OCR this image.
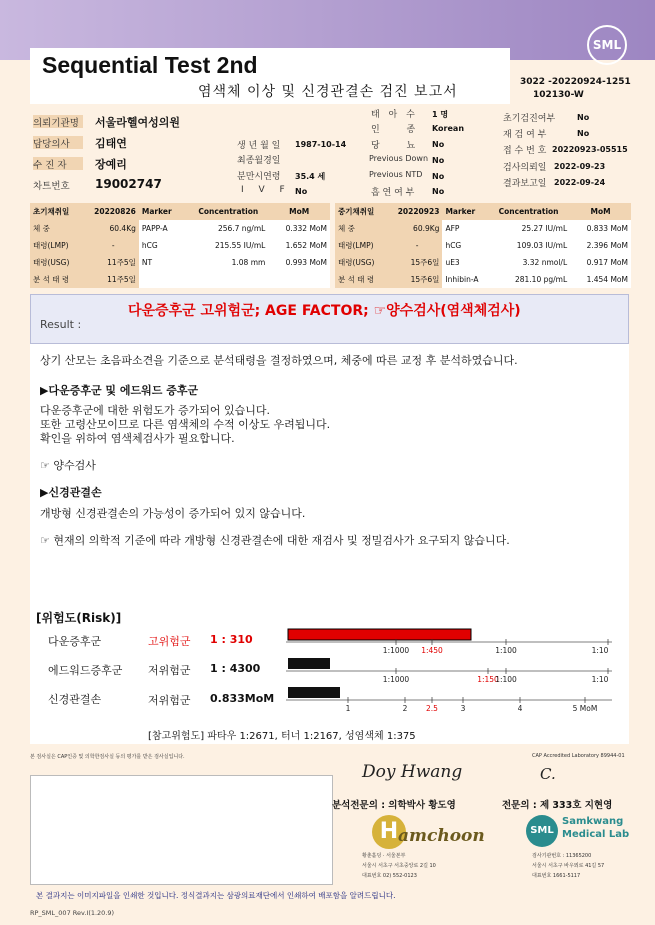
SML
Sequential Test 2nd
염색체 이상 및 신경관결손 검진 보고서
3022 -20220924-1251
102130-W
의뢰기관명	서울라헬여성의원
담당의사	김태연
수 진 자	장예리
차트번호 19002747
생 년 월 일 1987-10-14
최종월경일
분만시연령 35.4 세
I V F No
태 아 수 1 명
인 종 Korean
당 뇨 No
Previous Down No
Previous NTD No
흡 연 여 부 No
초기검진여부	No
재 검 여 부	No
접 수 번 호 20220923-05515
검사의뢰일 2022-09-23
결과보고일 2022-09-24
초기채취일	20220826	Marker	Concentration	MoM
체 중	60.4Kg	PAPP-A	256.7 ng/mL	0.332 MoM
태령(LMP)	-	hCG	215.55 IU/mL	1.652 MoM
태령(USG)	11주5일	NT	1.08 mm	0.993 MoM
분 석 태 령	11주5일			
중기채취일	20220923	Marker	Concentration	MoM
체 중	60.9Kg	AFP	25.27 IU/mL	0.833 MoM
태령(LMP)	-	hCG	109.03 IU/mL	2.396 MoM
태령(USG)	15주6일	uE3	3.32 nmol/L	0.917 MoM
분 석 태 령	15주6일	Inhibin-A	281.10 pg/mL	1.454 MoM
Result :
다운증후군 고위험군; AGE FACTOR; ☞양수검사(염색체검사)
상기 산모는 초음파소견을 기준으로 분석태령을 결정하였으며, 체중에 따른 교정 후 분석하였습니다.
▶다운증후군 및 에드워드 증후군
다운증후군에 대한 위험도가 증가되어 있습니다.
또한 고령산모이므로 다른 염색체의 수적 이상도 우려됩니다.
확인을 위하여 염색체검사가 필요합니다.
☞ 양수검사
▶신경관결손
개방형 신경관결손의 가능성이 증가되어 있지 않습니다.
☞ 현재의 의학적 기준에 따라 개방형 신경관결손에 대한 재검사 및 정밀검사가 요구되지 않습니다.
[위험도(Risk)]
다운증후군	고위험군 1 : 310
에드워드증후군 저위험군 1 : 4300
신경관결손	저위험군 0.833MoM
1:1000 1:450	1:100	1:10
1:1000	1:150
1:100	1:10
1	2 2.5	3	4	5 MoM
[참고위험도] 파타우 1:2671, 터너 1:2167, 성염색체 1:375
본 검사실은 CAP인증 및 의학한검사실 등의 평가를 받은 검사실입니다.	CAP Accredited Laboratory 89944-01
Doy Hwang	C.
분석전문의 : 의학박사 황도영	전문의 : 제 333호 지현영
H amchoon
황춘홀딩 · 서울본부
서울시 서초구 서초중앙로 2길 10
대표번호 02) 552-0123
SML
Samkwang
Medical Lab
검사기관번호 : 11365200
서울시 서초구 바우뫼로 41길 57
대표번호 1661-5117
본 결과지는 이미지파일을 인쇄한 것입니다. 정식결과지는 삼광의료재단에서 인쇄하여 배포함을 알려드립니다.
RP_SML_007 Rev.I(1.20.9)
